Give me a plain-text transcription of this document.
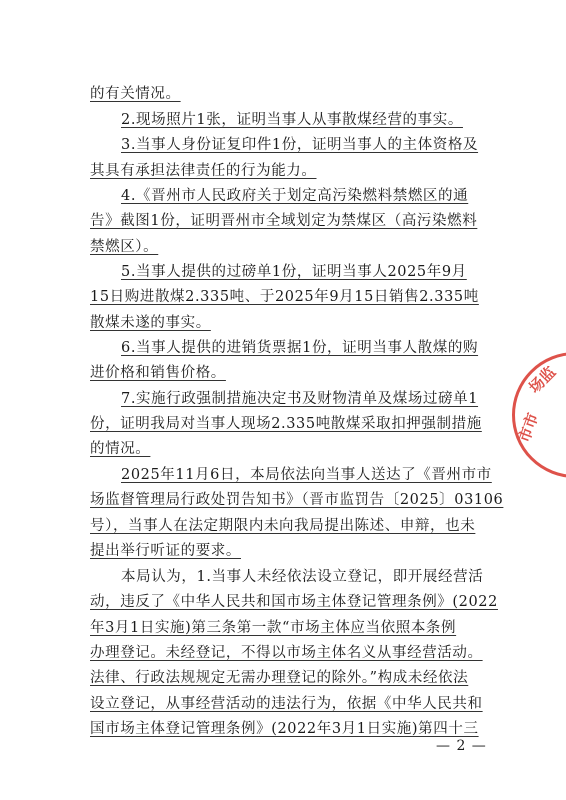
的有关情况。
2.现场照片1张，证明当事人从事散煤经营的事实。
3.当事人身份证复印件1份，证明当事人的主体资格及
其具有承担法律责任的行为能力。
4.《晋州市人民政府关于划定高污染燃料禁燃区的通
告》截图1份，证明晋州市全域划定为禁煤区（高污染燃料
禁燃区）。
5.当事人提供的过磅单1份，证明当事人2025年9月
15日购进散煤2.335吨、于2025年9月15日销售2.335吨
散煤未遂的事实。
6.当事人提供的进销货票据1份，证明当事人散煤的购
进价格和销售价格。
7.实施行政强制措施决定书及财物清单及煤场过磅单1
份，证明我局对当事人现场2.335吨散煤采取扣押强制措施
的情况。
2025年11月6日，本局依法向当事人送达了《晋州市市
场监督管理局行政处罚告知书》（晋市监罚告〔2025〕03106
号），当事人在法定期限内未向我局提出陈述、申辩，也未
提出举行听证的要求。
本局认为，1.当事人未经依法设立登记，即开展经营活
动，违反了《中华人民共和国市场主体登记管理条例》(2022
年3月1日实施)第三条第一款“市场主体应当依照本条例
办理登记。未经登记，不得以市场主体名义从事经营活动。
法律、行政法规规定无需办理登记的除外。”构成未经依法
设立登记，从事经营活动的违法行为，依据《中华人民共和
国市场主体登记管理条例》(2022年3月1日实施)第四十三
场监
市市
— 2 —
